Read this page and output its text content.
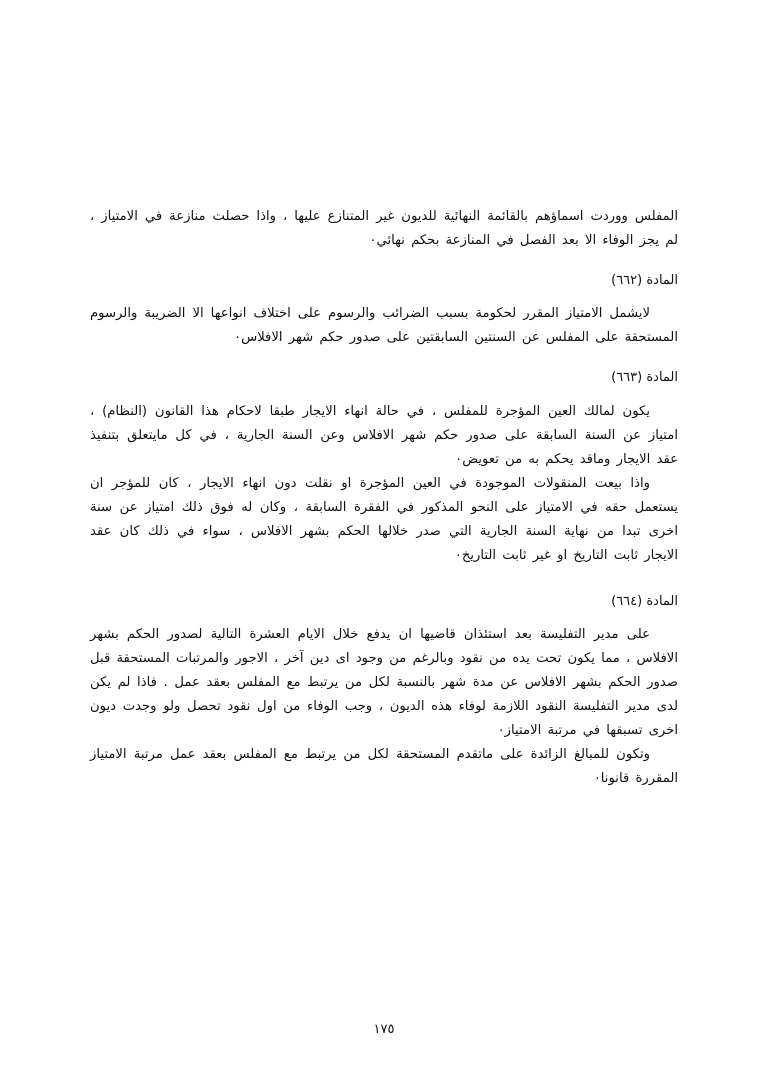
المفلس ووردت اسماؤهم بالقائمة النهائية للديون غير المتنازع عليها ، واذا حصلت منازعة في الامتياز ، لم يجز الوفاء الا بعد الفصل في المنازعة بحكم نهائي٠

المادة (٦٦٢)

لايشمل الامتياز المقرر لحكومة بسبب الضرائب والرسوم على اختلاف انواعها الا الضريبة والرسوم المستحقة على المفلس عن السنتين السابقتين على صدور حكم شهر الافلاس٠

المادة (٦٦٣)

يكون لمالك العين المؤجرة للمفلس ، في حالة انهاء الايجار طبقا لاحكام هذا القانون (النظام) ، امتياز عن السنة السابقة على صدور حكم شهر الافلاس وعن السنة الجارية ، في كل مايتعلق بتنفيذ عقد الايجار وماقد يحكم به من تعويض٠

واذا بيعت المنقولات الموجودة في العين المؤجرة او نقلت دون انهاء الايجار ، كان للمؤجر ان يستعمل حقه في الامتياز على النحو المذكور في الفقرة السابقة ، وكان له فوق ذلك امتياز عن سنة اخرى تبدا من نهاية السنة الجارية التي صدر خلالها الحكم بشهر الافلاس ، سواء في ذلك كان عقد الايجار ثابت التاريخ او غير ثابت التاريخ٠

المادة (٦٦٤)

على مدير التفليسة بعد استئذان قاضيها ان يدفع خلال الايام العشرة التالية لصدور الحكم بشهر الافلاس ، مما يكون تحت يده من نقود وبالرغم من وجود اى دين آخر ، الاجور والمرتبات المستحقة قبل صدور الحكم بشهر الافلاس عن مدة شهر بالنسبة لكل من يرتبط مع المفلس بعقد عمل . فاذا لم يكن لدى مدير التفليسة النقود اللازمة لوفاء هذه الديون ، وجب الوفاء من اول نقود تحصل ولو وجدت ديون اخرى تسبقها في مرتبة الامتياز٠

وتكون للمبالغ الزائدة على ماتقدم المستحقة لكل من يرتبط مع المفلس بعقد عمل مرتبة الامتياز المقررة قانونا٠

١٧٥
